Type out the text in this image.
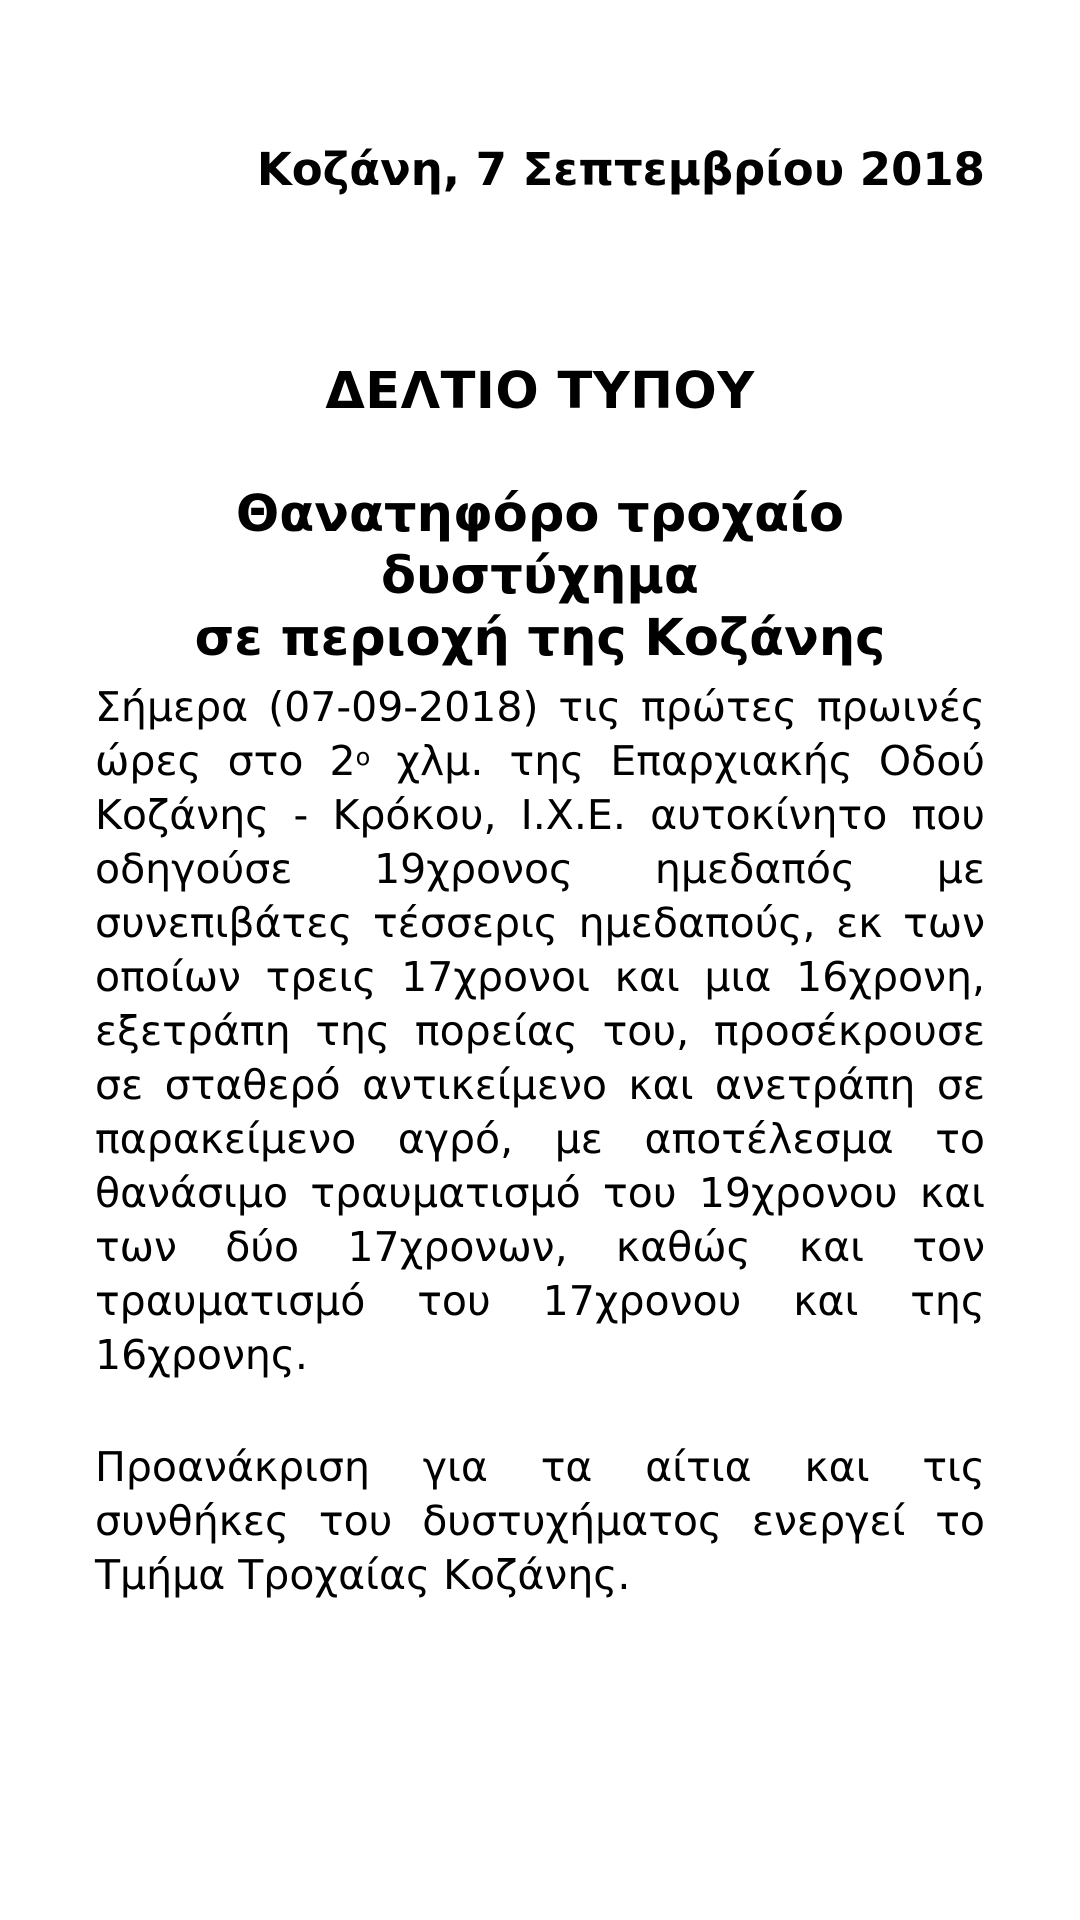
Κοζάνη, 7 Σεπτεμβρίου 2018
ΔΕΛΤΙΟ ΤΥΠΟΥ
Θανατηφόρο τροχαίο δυστύχημα
σε περιοχή της Κοζάνης

Σήμερα (07-09-2018) τις πρώτες πρωινές ώρες στο $2^o$ χλμ. της Επαρχιακής Οδού Κοζάνης - Κρόκου, Ι.Χ.Ε. αυτοκίνητο που οδηγούσε 19χρονος ημεδαπός με συνεπιβάτες τέσσερις ημεδαπούς, εκ των οποίων τρεις 17χρονοι και μια 16χρονη, εξετράπη της πορείας του, προσέκρουσε σε σταθερό αντικείμενο και ανετράπη σε παρακείμενο αγρό, με αποτέλεσμα το θανάσιμο τραυματισμό του 19χρονου και των δύο 17χρονων, καθώς και τον τραυματισμό του 17χρονου και της 16χρονης.

Προανάκριση για τα αίτια και τις συνθήκες του δυστυχήματος ενεργεί το Τμήμα Τροχαίας Κοζάνης.
